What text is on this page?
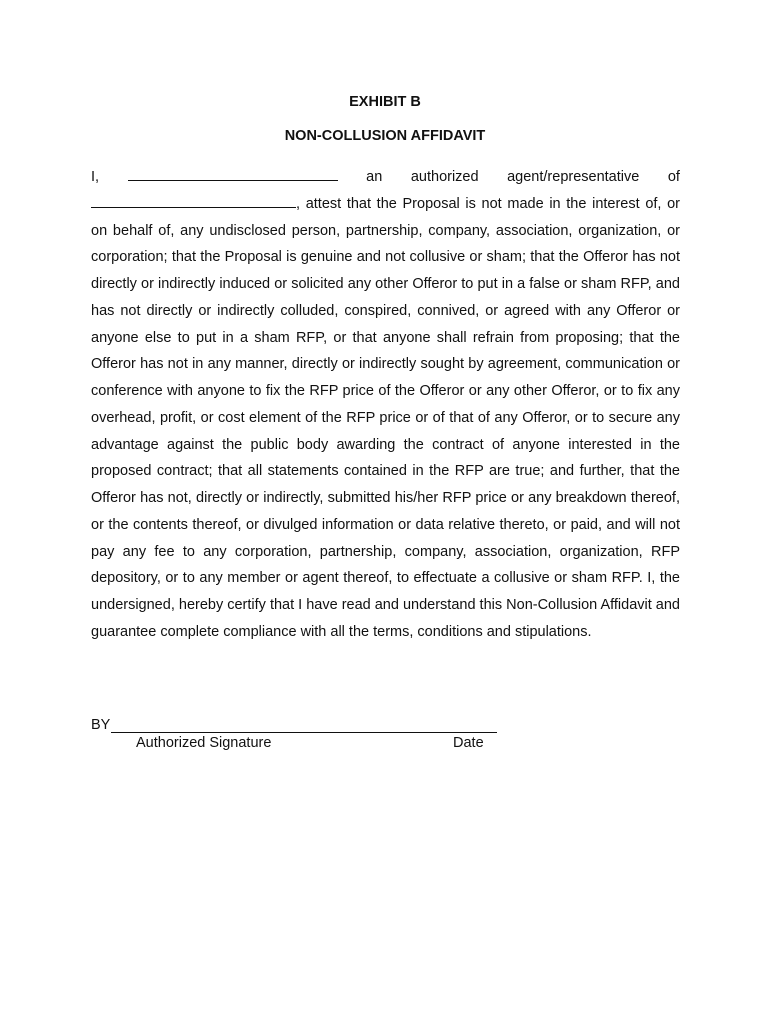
EXHIBIT B
NON-COLLUSION AFFIDAVIT
I,	an authorized agent/representative of

, attest that the Proposal is not made in the interest of, or on behalf of, any undisclosed person, partnership, company, association, organization, or corporation; that the Proposal is genuine and not collusive or sham; that the Offeror has not directly or indirectly induced or solicited any other Offeror to put in a false or sham RFP, and has not directly or indirectly colluded, conspired, connived, or agreed with any Offeror or anyone else to put in a sham RFP, or that anyone shall refrain from proposing; that the Offeror has not in any manner, directly or indirectly sought by agreement, communication or conference with anyone to fix the RFP price of the Offeror or any other Offeror, or to fix any overhead, profit, or cost element of the RFP price or of that of any Offeror, or to secure any advantage against the public body awarding the contract of anyone interested in the proposed contract; that all statements contained in the RFP are true; and further, that the Offeror has not, directly or indirectly, submitted his/her RFP price or any breakdown thereof, or the contents thereof, or divulged information or data relative thereto, or paid, and will not pay any fee to any corporation, partnership, company, association, organization, RFP depository, or to any member or agent thereof, to effectuate a collusive or sham RFP. I, the undersigned, hereby certify that I have read and understand this Non-Collusion Affidavit and guarantee complete compliance with all the terms, conditions and stipulations.

BY
Authorized Signature	Date
